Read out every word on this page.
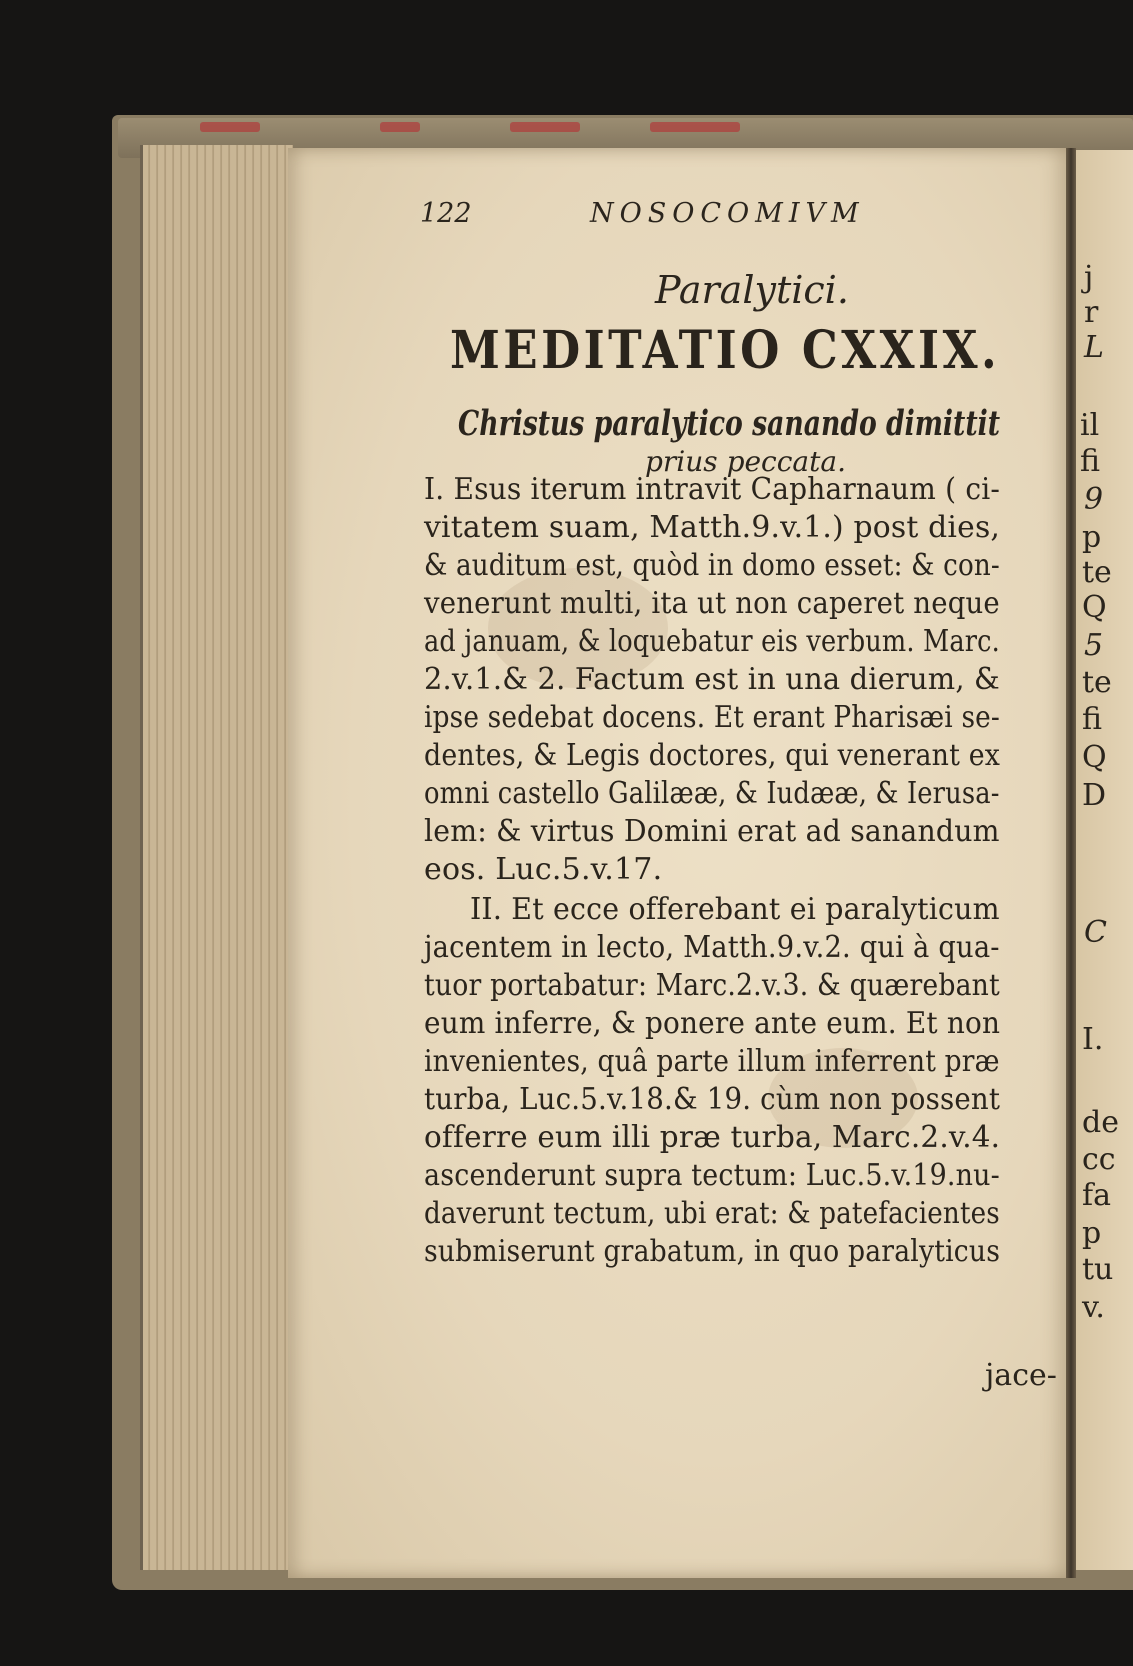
j
r
L
il
fi
9
p
te
Q
5
te
fi
Q
D
C
I.
de
cc
fa
p
tu
v.
122	NOSOCOMIVM
Paralytici.
MEDITATIO CXXIX.
Christus paralytico sanando dimittit
prius peccata.
I. Esus iterum intravit Capharnaum ( ci-
vitatem suam, Matth.9.v.1.) post dies,
& auditum est, quòd in domo esset: & con-
venerunt multi, ita ut non caperet neque
ad januam, & loquebatur eis verbum. Marc.
2.v.1.& 2. Factum est in una dierum, &
ipse sedebat docens. Et erant Pharisæi se-
dentes, & Legis doctores, qui venerant ex
omni castello Galilææ, & Iudææ, & Ierusa-
lem: & virtus Domini erat ad sanandum
eos. Luc.5.v.17.
II. Et ecce offerebant ei paralyticum
jacentem in lecto, Matth.9.v.2. qui à qua-
tuor portabatur: Marc.2.v.3. & quærebant
eum inferre, & ponere ante eum. Et non
invenientes, quâ parte illum inferrent præ
turba, Luc.5.v.18.& 19. cùm non possent
offerre eum illi præ turba, Marc.2.v.4.
ascenderunt supra tectum: Luc.5.v.19.nu-
daverunt tectum, ubi erat: & patefacientes
submiserunt grabatum, in quo paralyticus
jace-
